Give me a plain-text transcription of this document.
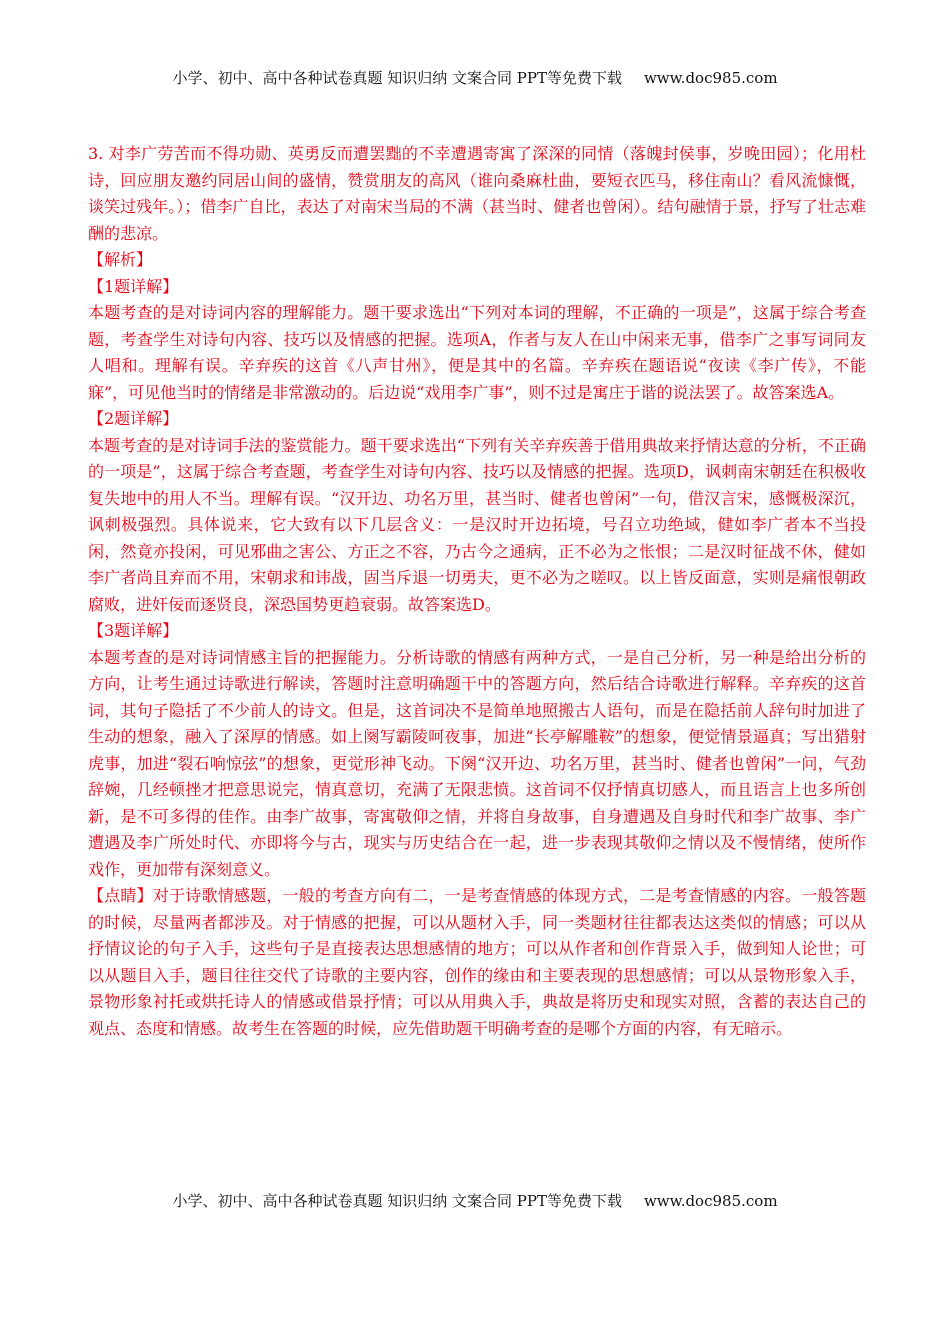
小学、初中、高中各种试卷真题 知识归纳 文案合同 PPT等免费下载 www.doc985.com

3. 对李广劳苦而不得功勋、英勇反而遭罢黜的不幸遭遇寄寓了深深的同情（落魄封侯事，岁晚田园）；化用杜诗，回应朋友邀约同居山间的盛情，赞赏朋友的高风（谁向桑麻杜曲，要短衣匹马，移住南山？看风流慷慨，谈笑过残年。）；借李广自比，表达了对南宋当局的不满（甚当时、健者也曾闲）。结句融情于景，抒写了壮志难酬的悲凉。

【解析】

【1题详解】

本题考查的是对诗词内容的理解能力。题干要求选出“下列对本词的理解，不正确的一项是”，这属于综合考查题，考查学生对诗句内容、技巧以及情感的把握。选项A，作者与友人在山中闲来无事，借李广之事写词同友人唱和。理解有误。辛弃疾的这首《八声甘州》，便是其中的名篇。辛弃疾在题语说“夜读《李广传》，不能寐”，可见他当时的情绪是非常激动的。后边说“戏用李广事”，则不过是寓庄于谐的说法罢了。故答案选A。

【2题详解】

本题考查的是对诗词手法的鉴赏能力。题干要求选出“下列有关辛弃疾善于借用典故来抒情达意的分析，不正确的一项是”，这属于综合考查题，考查学生对诗句内容、技巧以及情感的把握。选项D，讽刺南宋朝廷在积极收复失地中的用人不当。理解有误。“汉开边、功名万里，甚当时、健者也曾闲”一句，借汉言宋，感慨极深沉，讽刺极强烈。具体说来，它大致有以下几层含义：一是汉时开边拓境，号召立功绝域，健如李广者本不当投闲，然竟亦投闲，可见邪曲之害公、方正之不容，乃古今之通病，正不必为之怅恨；二是汉时征战不休，健如李广者尚且弃而不用，宋朝求和讳战，固当斥退一切勇夫，更不必为之嗟叹。以上皆反面意，实则是痛恨朝政腐败，进奸佞而逐贤良，深恐国势更趋衰弱。故答案选D。

【3题详解】

本题考查的是对诗词情感主旨的把握能力。分析诗歌的情感有两种方式，一是自己分析，另一种是给出分析的方向，让考生通过诗歌进行解读，答题时注意明确题干中的答题方向，然后结合诗歌进行解释。辛弃疾的这首词，其句子隐括了不少前人的诗文。但是，这首词决不是简单地照搬古人语句，而是在隐括前人辞句时加进了生动的想象，融入了深厚的情感。如上阕写霸陵呵夜事，加进“长亭解雕鞍”的想象，便觉情景逼真；写出猎射虎事，加进“裂石响惊弦”的想象，更觉形神飞动。下阕“汉开边、功名万里，甚当时、健者也曾闲”一问，气劲辞婉，几经顿挫才把意思说完，情真意切，充满了无限悲愤。这首词不仅抒情真切感人，而且语言上也多所创新，是不可多得的佳作。由李广故事，寄寓敬仰之情，并将自身故事，自身遭遇及自身时代和李广故事、李广遭遇及李广所处时代、亦即将今与古，现实与历史结合在一起，进一步表现其敬仰之情以及不慢情绪，使所作戏作，更加带有深刻意义。

【点睛】对于诗歌情感题，一般的考查方向有二，一是考查情感的体现方式，二是考查情感的内容。一般答题的时候，尽量两者都涉及。对于情感的把握，可以从题材入手，同一类题材往往都表达这类似的情感；可以从抒情议论的句子入手，这些句子是直接表达思想感情的地方；可以从作者和创作背景入手，做到知人论世；可以从题目入手，题目往往交代了诗歌的主要内容，创作的缘由和主要表现的思想感情；可以从景物形象入手，景物形象衬托或烘托诗人的情感或借景抒情；可以从用典入手，典故是将历史和现实对照，含蓄的表达自己的观点、态度和情感。故考生在答题的时候，应先借助题干明确考查的是哪个方面的内容，有无暗示。

小学、初中、高中各种试卷真题 知识归纳 文案合同 PPT等免费下载 www.doc985.com
